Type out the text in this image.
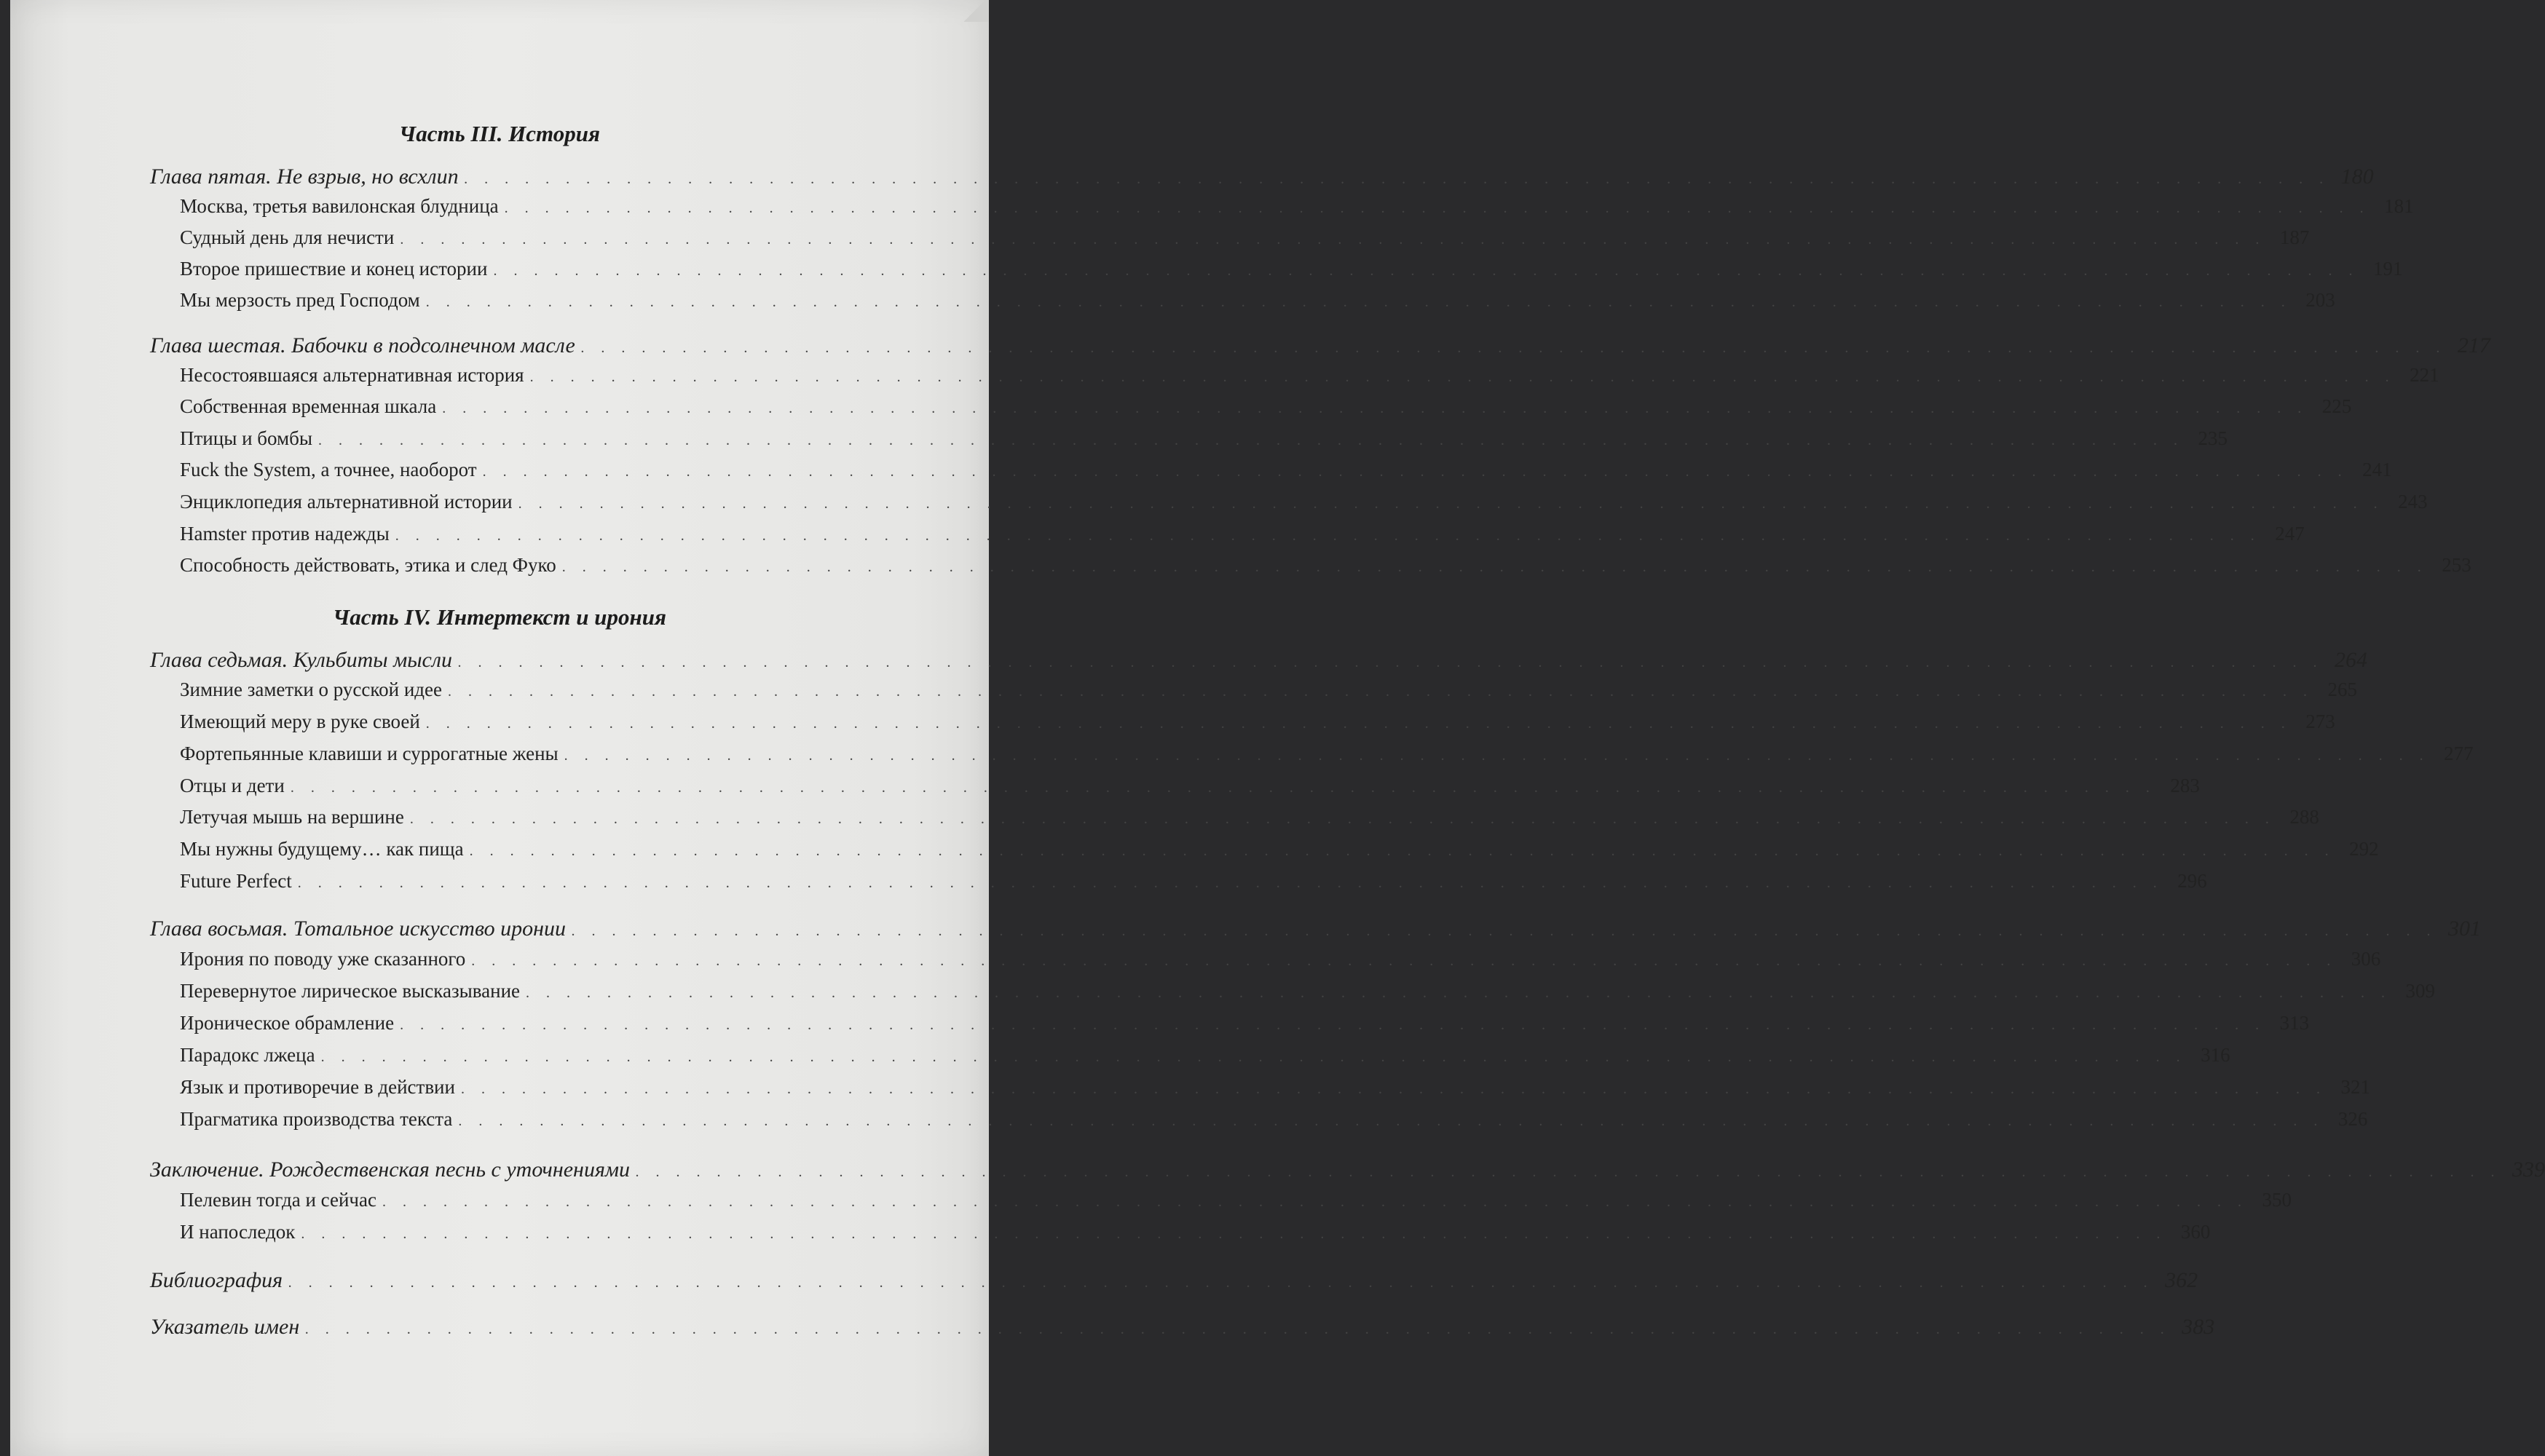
Часть III. История
Глава пятая. Не взрыв, но всхлип . . . . . . . . . . . . . . . . . . . . . . . . . . . . . . . . . . . . . . . . . . . . . . . . . . . . . . . . . . . . . . . . . . . . . . . . . . . . . . . . . . . . . . . . . . . . 180
Москва, третья вавилонская блудница . . . . . . . . . . . . . . . . . . . . . . . . . . . . . . . . . . . . . . . . . . . . . . . . . . . . . . . . . . . . . . . . . . . . . . . . . . . . . . . . . . . . . . . . . . . . 181
Судный день для нечисти . . . . . . . . . . . . . . . . . . . . . . . . . . . . . . . . . . . . . . . . . . . . . . . . . . . . . . . . . . . . . . . . . . . . . . . . . . . . . . . . . . . . . . . . . . . . 187
Второе пришествие и конец истории . . . . . . . . . . . . . . . . . . . . . . . . . . . . . . . . . . . . . . . . . . . . . . . . . . . . . . . . . . . . . . . . . . . . . . . . . . . . . . . . . . . . . . . . . . . . 191
Мы мерзость пред Господом . . . . . . . . . . . . . . . . . . . . . . . . . . . . . . . . . . . . . . . . . . . . . . . . . . . . . . . . . . . . . . . . . . . . . . . . . . . . . . . . . . . . . . . . . . . . 203
Глава шестая. Бабочки в подсолнечном масле . . . . . . . . . . . . . . . . . . . . . . . . . . . . . . . . . . . . . . . . . . . . . . . . . . . . . . . . . . . . . . . . . . . . . . . . . . . . . . . . . . . . . . . . . . . . 217
Несостоявшаяся альтернативная история . . . . . . . . . . . . . . . . . . . . . . . . . . . . . . . . . . . . . . . . . . . . . . . . . . . . . . . . . . . . . . . . . . . . . . . . . . . . . . . . . . . . . . . . . . . . 221
Собственная временная шкала . . . . . . . . . . . . . . . . . . . . . . . . . . . . . . . . . . . . . . . . . . . . . . . . . . . . . . . . . . . . . . . . . . . . . . . . . . . . . . . . . . . . . . . . . . . . 225
Птицы и бомбы . . . . . . . . . . . . . . . . . . . . . . . . . . . . . . . . . . . . . . . . . . . . . . . . . . . . . . . . . . . . . . . . . . . . . . . . . . . . . . . . . . . . . . . . . . . . 235
Fuck the System, а точнее, наоборот . . . . . . . . . . . . . . . . . . . . . . . . . . . . . . . . . . . . . . . . . . . . . . . . . . . . . . . . . . . . . . . . . . . . . . . . . . . . . . . . . . . . . . . . . . . . 241
Энциклопедия альтернативной истории . . . . . . . . . . . . . . . . . . . . . . . . . . . . . . . . . . . . . . . . . . . . . . . . . . . . . . . . . . . . . . . . . . . . . . . . . . . . . . . . . . . . . . . . . . . . 243
Hamster против надежды . . . . . . . . . . . . . . . . . . . . . . . . . . . . . . . . . . . . . . . . . . . . . . . . . . . . . . . . . . . . . . . . . . . . . . . . . . . . . . . . . . . . . . . . . . . . 247
Способность действовать, этика и след Фуко . . . . . . . . . . . . . . . . . . . . . . . . . . . . . . . . . . . . . . . . . . . . . . . . . . . . . . . . . . . . . . . . . . . . . . . . . . . . . . . . . . . . . . . . . . . . 253
Часть IV. Интертекст и ирония
Глава седьмая. Кульбиты мысли . . . . . . . . . . . . . . . . . . . . . . . . . . . . . . . . . . . . . . . . . . . . . . . . . . . . . . . . . . . . . . . . . . . . . . . . . . . . . . . . . . . . . . . . . . . . 264
Зимние заметки о русской идее . . . . . . . . . . . . . . . . . . . . . . . . . . . . . . . . . . . . . . . . . . . . . . . . . . . . . . . . . . . . . . . . . . . . . . . . . . . . . . . . . . . . . . . . . . . . 265
Имеющий меру в руке своей . . . . . . . . . . . . . . . . . . . . . . . . . . . . . . . . . . . . . . . . . . . . . . . . . . . . . . . . . . . . . . . . . . . . . . . . . . . . . . . . . . . . . . . . . . . . 273
Фортепьянные клавиши и суррогатные жены . . . . . . . . . . . . . . . . . . . . . . . . . . . . . . . . . . . . . . . . . . . . . . . . . . . . . . . . . . . . . . . . . . . . . . . . . . . . . . . . . . . . . . . . . . . . 277
Отцы и дети . . . . . . . . . . . . . . . . . . . . . . . . . . . . . . . . . . . . . . . . . . . . . . . . . . . . . . . . . . . . . . . . . . . . . . . . . . . . . . . . . . . . . . . . . . . . 283
Летучая мышь на вершине . . . . . . . . . . . . . . . . . . . . . . . . . . . . . . . . . . . . . . . . . . . . . . . . . . . . . . . . . . . . . . . . . . . . . . . . . . . . . . . . . . . . . . . . . . . . 288
Мы нужны будущему… как пища . . . . . . . . . . . . . . . . . . . . . . . . . . . . . . . . . . . . . . . . . . . . . . . . . . . . . . . . . . . . . . . . . . . . . . . . . . . . . . . . . . . . . . . . . . . . 292
Future Perfect . . . . . . . . . . . . . . . . . . . . . . . . . . . . . . . . . . . . . . . . . . . . . . . . . . . . . . . . . . . . . . . . . . . . . . . . . . . . . . . . . . . . . . . . . . . . 296
Глава восьмая. Тотальное искусство иронии . . . . . . . . . . . . . . . . . . . . . . . . . . . . . . . . . . . . . . . . . . . . . . . . . . . . . . . . . . . . . . . . . . . . . . . . . . . . . . . . . . . . . . . . . . . . 301
Ирония по поводу уже сказанного . . . . . . . . . . . . . . . . . . . . . . . . . . . . . . . . . . . . . . . . . . . . . . . . . . . . . . . . . . . . . . . . . . . . . . . . . . . . . . . . . . . . . . . . . . . . 306
Перевернутое лирическое высказывание . . . . . . . . . . . . . . . . . . . . . . . . . . . . . . . . . . . . . . . . . . . . . . . . . . . . . . . . . . . . . . . . . . . . . . . . . . . . . . . . . . . . . . . . . . . . 309
Ироническое обрамление . . . . . . . . . . . . . . . . . . . . . . . . . . . . . . . . . . . . . . . . . . . . . . . . . . . . . . . . . . . . . . . . . . . . . . . . . . . . . . . . . . . . . . . . . . . . 313
Парадокс лжеца . . . . . . . . . . . . . . . . . . . . . . . . . . . . . . . . . . . . . . . . . . . . . . . . . . . . . . . . . . . . . . . . . . . . . . . . . . . . . . . . . . . . . . . . . . . . 316
Язык и противоречие в действии . . . . . . . . . . . . . . . . . . . . . . . . . . . . . . . . . . . . . . . . . . . . . . . . . . . . . . . . . . . . . . . . . . . . . . . . . . . . . . . . . . . . . . . . . . . . 321
Прагматика производства текста . . . . . . . . . . . . . . . . . . . . . . . . . . . . . . . . . . . . . . . . . . . . . . . . . . . . . . . . . . . . . . . . . . . . . . . . . . . . . . . . . . . . . . . . . . . . 326
Заключение. Рождественская песнь с уточнениями . . . . . . . . . . . . . . . . . . . . . . . . . . . . . . . . . . . . . . . . . . . . . . . . . . . . . . . . . . . . . . . . . . . . . . . . . . . . . . . . . . . . . . . . . . . . 339
Пелевин тогда и сейчас . . . . . . . . . . . . . . . . . . . . . . . . . . . . . . . . . . . . . . . . . . . . . . . . . . . . . . . . . . . . . . . . . . . . . . . . . . . . . . . . . . . . . . . . . . . . 350
И напоследок . . . . . . . . . . . . . . . . . . . . . . . . . . . . . . . . . . . . . . . . . . . . . . . . . . . . . . . . . . . . . . . . . . . . . . . . . . . . . . . . . . . . . . . . . . . . 360
Библиография . . . . . . . . . . . . . . . . . . . . . . . . . . . . . . . . . . . . . . . . . . . . . . . . . . . . . . . . . . . . . . . . . . . . . . . . . . . . . . . . . . . . . . . . . . . . 362
Указатель имен . . . . . . . . . . . . . . . . . . . . . . . . . . . . . . . . . . . . . . . . . . . . . . . . . . . . . . . . . . . . . . . . . . . . . . . . . . . . . . . . . . . . . . . . . . . . 383
